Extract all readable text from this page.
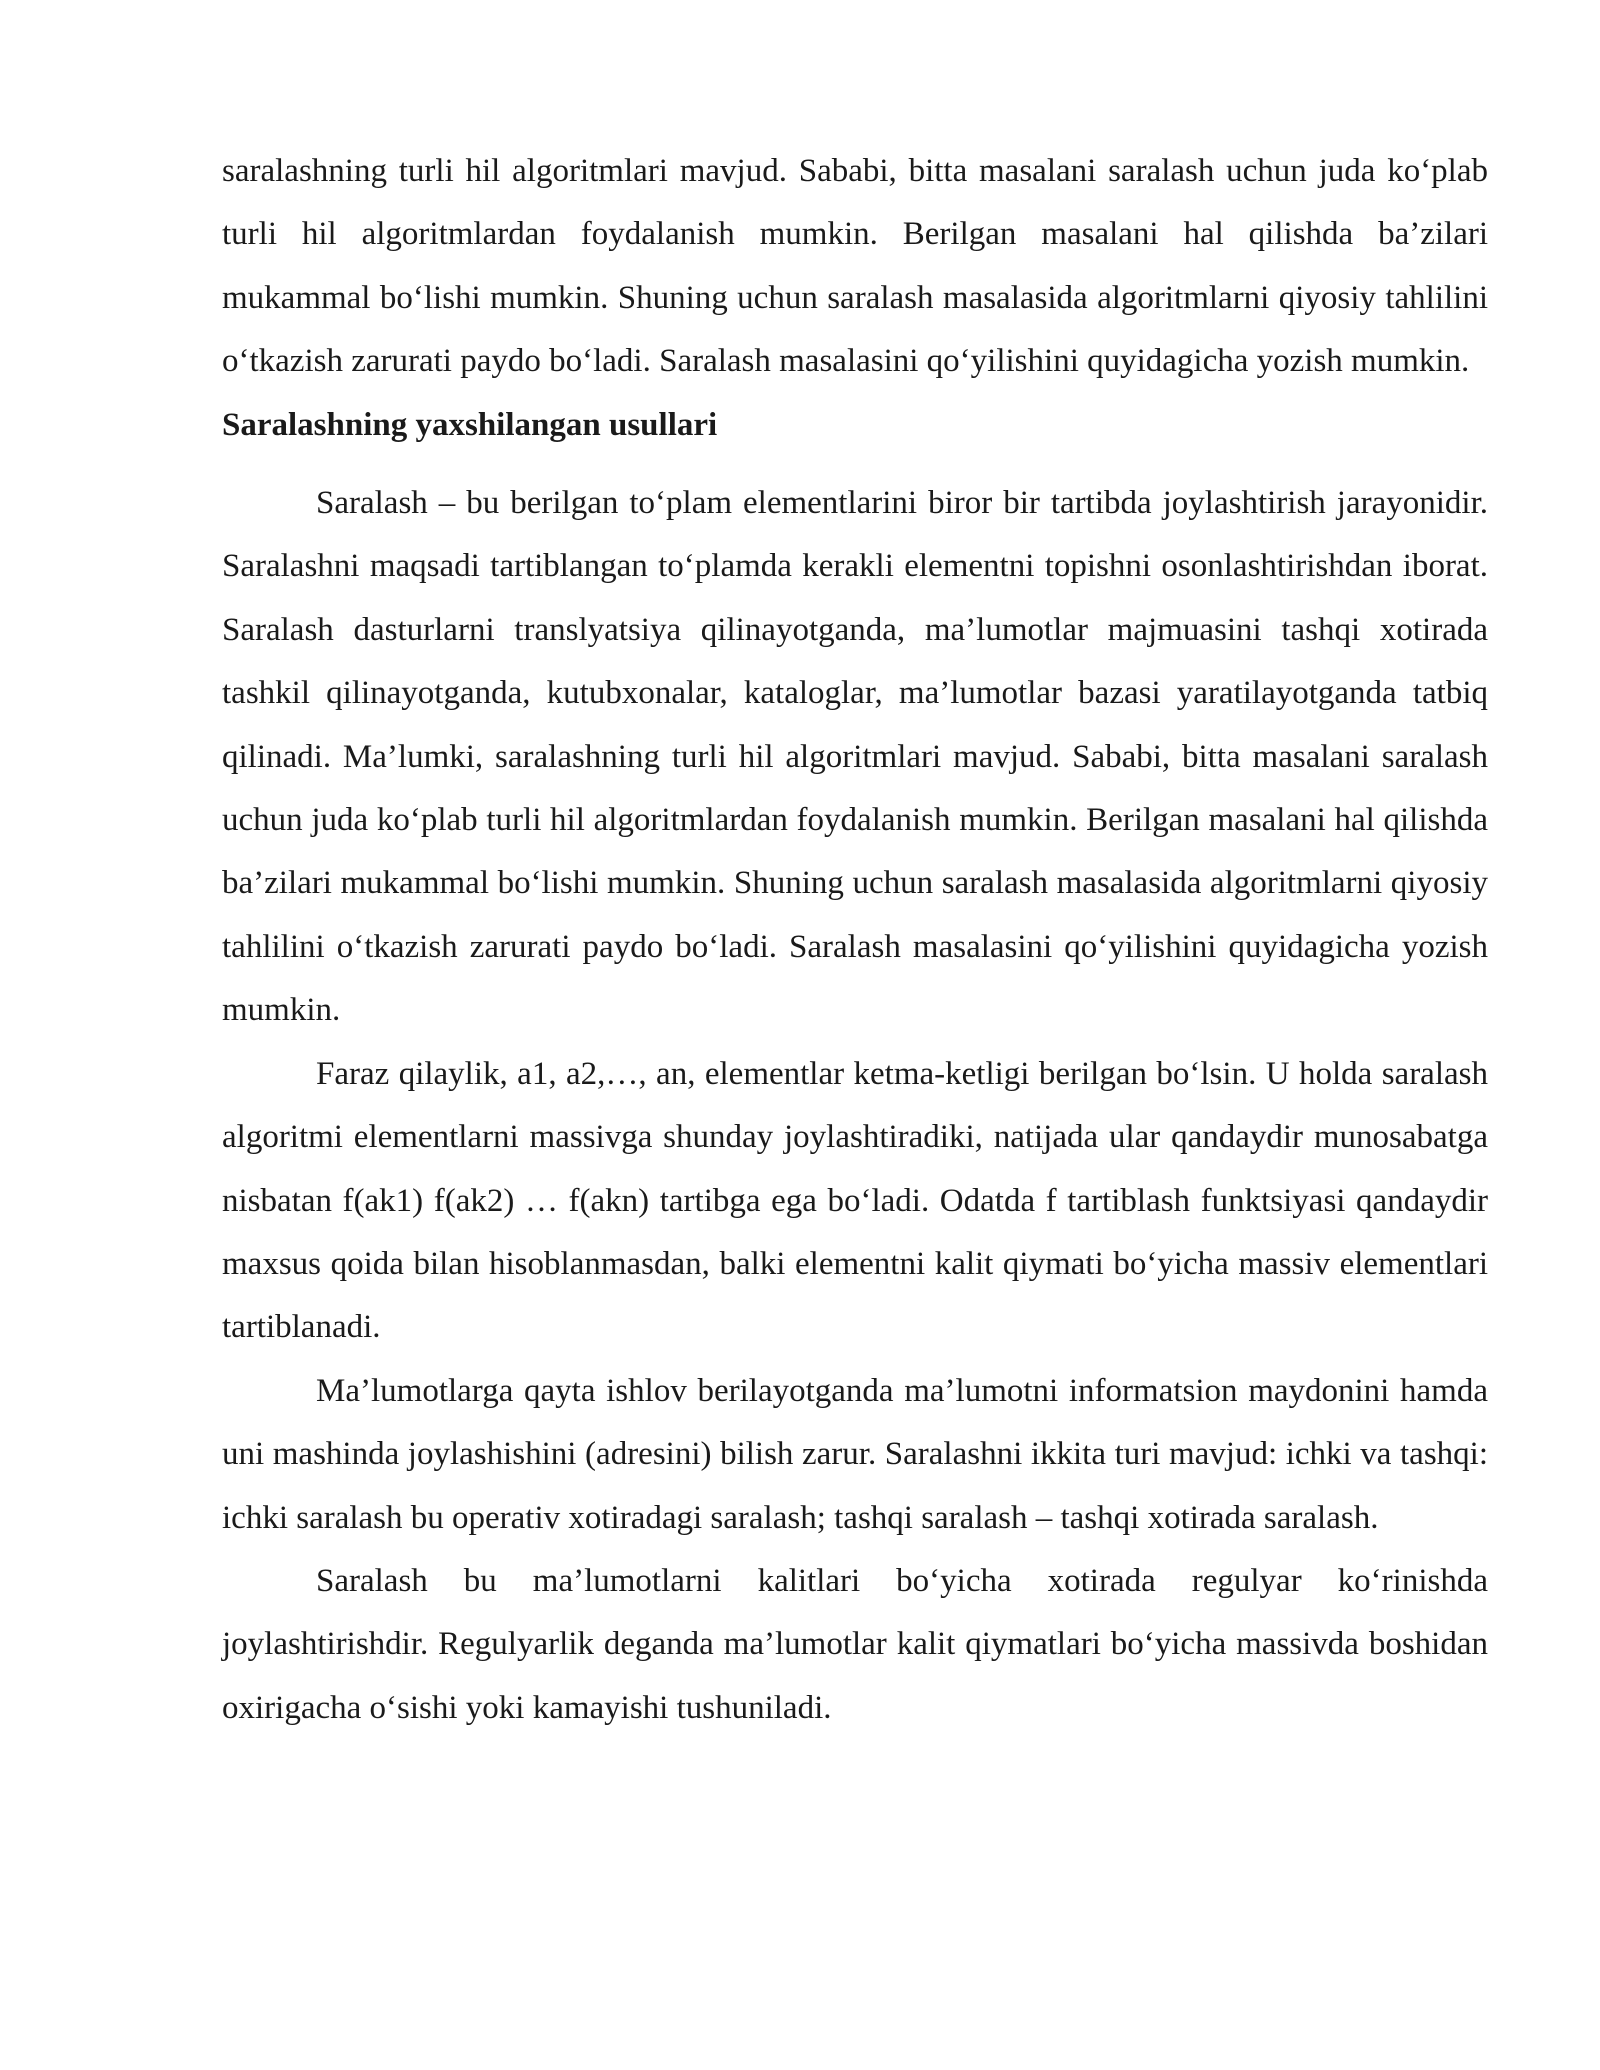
saralashning turli hil algoritmlari mavjud. Sababi, bitta masalani saralash uchun juda ko‘plab turli hil algoritmlardan foydalanish mumkin. Berilgan masalani hal qilishda ba’zilari mukammal bo‘lishi mumkin. Shuning uchun saralash masalasida algoritmlarni qiyosiy tahlilini o‘tkazish zarurati paydo bo‘ladi. Saralash masalasini qo‘yilishini quyidagicha yozish mumkin.

Saralashning yaxshilangan usullari

Saralash – bu berilgan to‘plam elementlarini biror bir tartibda joylashtirish jarayonidir. Saralashni maqsadi tartiblangan to‘plamda kerakli elementni topishni osonlashtirishdan iborat. Saralash dasturlarni translyatsiya qilinayotganda, ma’lumotlar majmuasini tashqi xotirada tashkil qilinayotganda, kutubxonalar, kataloglar, ma’lumotlar bazasi yaratilayotganda tatbiq qilinadi. Ma’lumki, saralashning turli hil algoritmlari mavjud. Sababi, bitta masalani saralash uchun juda ko‘plab turli hil algoritmlardan foydalanish mumkin. Berilgan masalani hal qilishda ba’zilari mukammal bo‘lishi mumkin. Shuning uchun saralash masalasida algoritmlarni qiyosiy tahlilini o‘tkazish zarurati paydo bo‘ladi. Saralash masalasini qo‘yilishini quyidagicha yozish mumkin.

Faraz qilaylik, a1, a2,…, an, elementlar ketma-ketligi berilgan bo‘lsin. U holda saralash algoritmi elementlarni massivga shunday joylashtiradiki, natijada ular qandaydir munosabatga nisbatan f(ak1) f(ak2) … f(akn) tartibga ega bo‘ladi. Odatda f tartiblash funktsiyasi qandaydir maxsus qoida bilan hisoblanmasdan, balki elementni kalit qiymati bo‘yicha massiv elementlari tartiblanadi.

Ma’lumotlarga qayta ishlov berilayotganda ma’lumotni informatsion maydonini hamda uni mashinda joylashishini (adresini) bilish zarur. Saralashni ikkita turi mavjud: ichki va tashqi: ichki saralash bu operativ xotiradagi saralash; tashqi saralash – tashqi xotirada saralash.

Saralash bu ma’lumotlarni kalitlari bo‘yicha xotirada regulyar ko‘rinishda joylashtirishdir. Regulyarlik deganda ma’lumotlar kalit qiymatlari bo‘yicha massivda boshidan oxirigacha o‘sishi yoki kamayishi tushuniladi.
